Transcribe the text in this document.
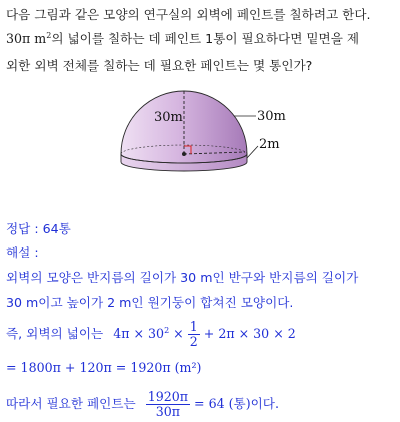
다음 그림과 같은 모양의 연구실의 외벽에 페인트를 칠하려고 한다.
30π $m^2$의 넓이를 칠하는 데 페인트 1통이 필요하다면 밑면을 제
외한 외벽 전체를 칠하는 데 필요한 페인트는 몇 통인가?
30m	30m
2m
정답 : 64통
해설 :
외벽의 모양은 반지름의 길이가 30 m인 반구와 반지름의 길이가
30 m이고 높이가 2 m인 원기둥이 합쳐진 모양이다.
즉, 외벽의 넓이는 $4\pi \times 30^2 \times \frac{1}{2} + 2\pi \times 30 \times 2$
= 1800π + 120π = 1920π (m²)
따라서 필요한 페인트는 $\frac{1920\pi}{30\pi} = 64$ (통)이다.
